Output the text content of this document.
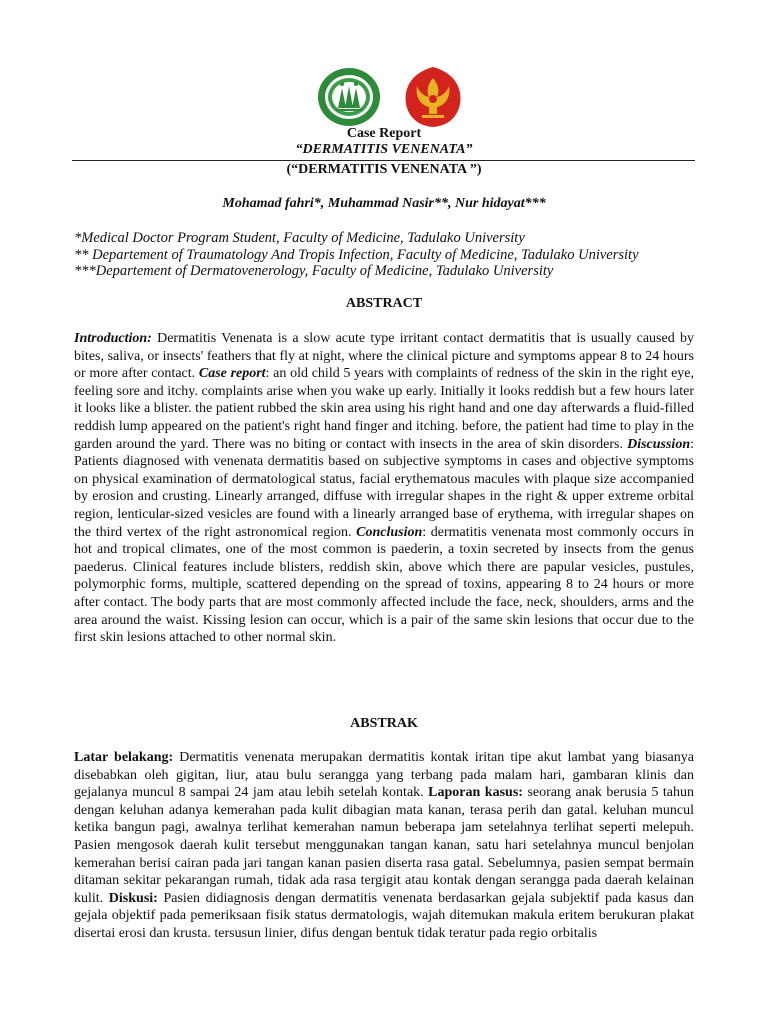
Case Report
“DERMATITIS VENENATA”
(“DERMATITIS VENENATA ”)
Mohamad fahri*, Muhammad Nasir**, Nur hidayat***
*Medical Doctor Program Student, Faculty of Medicine, Tadulako University
** Departement of Traumatology And Tropis Infection, Faculty of Medicine, Tadulako University
***Departement of Dermatovenerology, Faculty of Medicine, Tadulako University
ABSTRACT
Introduction: Dermatitis Venenata is a slow acute type irritant contact dermatitis that is usually caused by bites, saliva, or insects' feathers that fly at night, where the clinical picture and symptoms appear 8 to 24 hours or more after contact. Case report: an old child 5 years with complaints of redness of the skin in the right eye, feeling sore and itchy. complaints arise when you wake up early. Initially it looks reddish but a few hours later it looks like a blister. the patient rubbed the skin area using his right hand and one day afterwards a fluid-filled reddish lump appeared on the patient's right hand finger and itching. before, the patient had time to play in the garden around the yard. There was no biting or contact with insects in the area of skin disorders. Discussion: Patients diagnosed with venenata dermatitis based on subjective symptoms in cases and objective symptoms on physical examination of dermatological status, facial erythematous macules with plaque size accompanied by erosion and crusting. Linearly arranged, diffuse with irregular shapes in the right & upper extreme orbital region, lenticular-sized vesicles are found with a linearly arranged base of erythema, with irregular shapes on the third vertex of the right astronomical region. Conclusion: dermatitis venenata most commonly occurs in hot and tropical climates, one of the most common is paederin, a toxin secreted by insects from the genus paederus. Clinical features include blisters, reddish skin, above which there are papular vesicles, pustules, polymorphic forms, multiple, scattered depending on the spread of toxins, appearing 8 to 24 hours or more after contact. The body parts that are most commonly affected include the face, neck, shoulders, arms and the area around the waist. Kissing lesion can occur, which is a pair of the same skin lesions that occur due to the first skin lesions attached to other normal skin.
ABSTRAK
Latar belakang: Dermatitis venenata merupakan dermatitis kontak iritan tipe akut lambat yang biasanya disebabkan oleh gigitan, liur, atau bulu serangga yang terbang pada malam hari, gambaran klinis dan gejalanya muncul 8 sampai 24 jam atau lebih setelah kontak. Laporan kasus: seorang anak berusia 5 tahun dengan keluhan adanya kemerahan pada kulit dibagian mata kanan, terasa perih dan gatal. keluhan muncul ketika bangun pagi, awalnya terlihat kemerahan namun beberapa jam setelahnya terlihat seperti melepuh. Pasien mengosok daerah kulit tersebut menggunakan tangan kanan, satu hari setelahnya muncul benjolan kemerahan berisi cairan pada jari tangan kanan pasien diserta rasa gatal. Sebelumnya, pasien sempat bermain ditaman sekitar pekarangan rumah, tidak ada rasa tergigit atau kontak dengan serangga pada daerah kelainan kulit. Diskusi: Pasien didiagnosis dengan dermatitis venenata berdasarkan gejala subjektif pada kasus dan gejala objektif pada pemeriksaan fisik status dermatologis, wajah ditemukan makula eritem berukuran plakat disertai erosi dan krusta. tersusun linier, difus dengan bentuk tidak teratur pada regio orbitalis
